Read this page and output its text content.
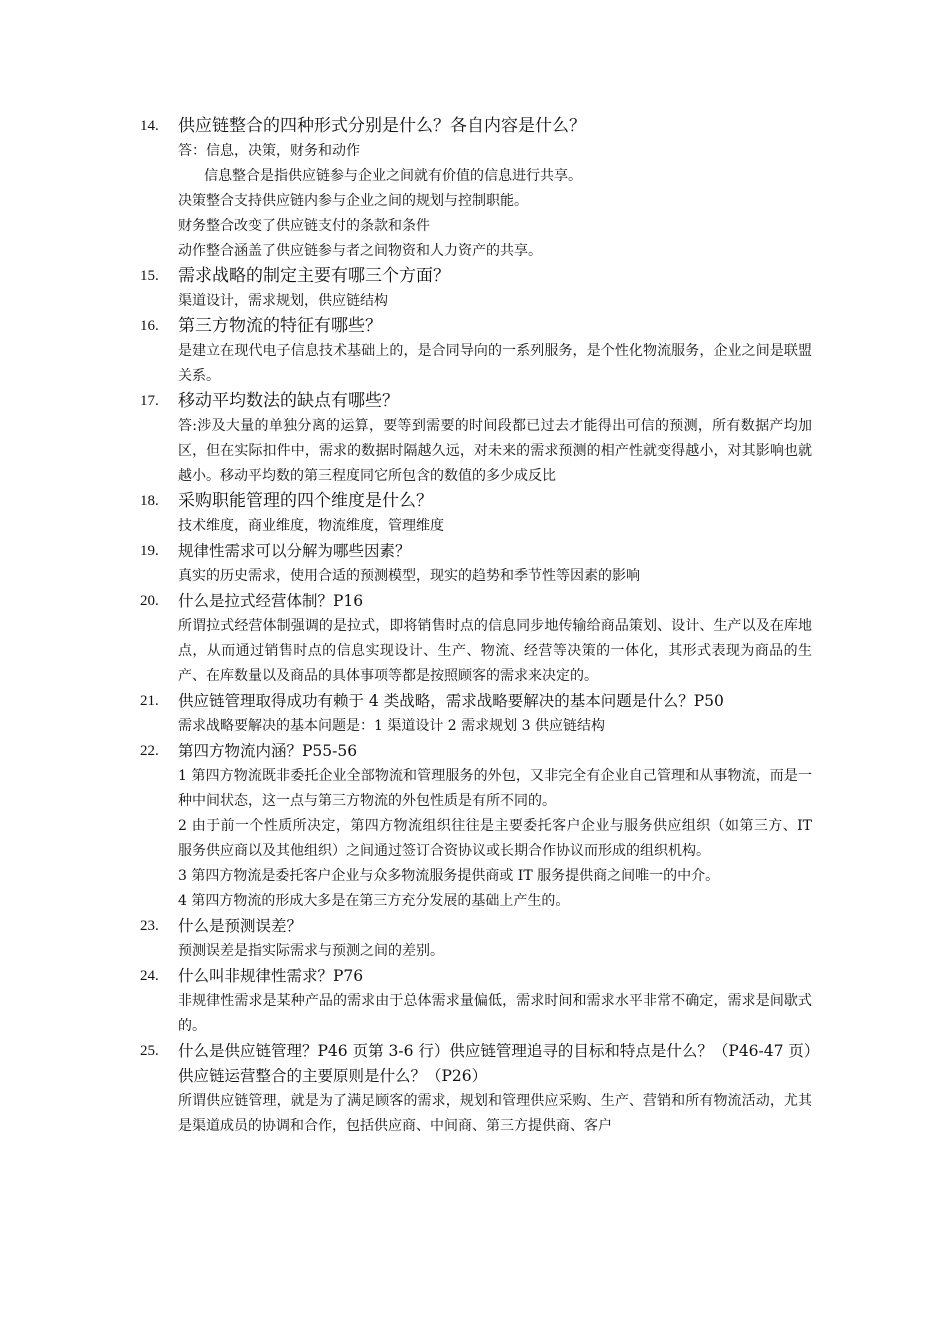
14.	供应链整合的四种形式分别是什么？各自内容是什么？

答：信息，决策，财务和动作

信息整合是指供应链参与企业之间就有价值的信息进行共享。

决策整合支持供应链内参与企业之间的规划与控制职能。

财务整合改变了供应链支付的条款和条件

动作整合涵盖了供应链参与者之间物资和人力资产的共享。

15.	需求战略的制定主要有哪三个方面？

渠道设计，需求规划，供应链结构

16.	第三方物流的特征有哪些？

是建立在现代电子信息技术基础上的，是合同导向的一系列服务，是个性化物流服务，企业之间是联盟关系。

17.	移动平均数法的缺点有哪些？

答:涉及大量的单独分离的运算，要等到需要的时间段都已过去才能得出可信的预测，所有数据产均加区，但在实际扣件中，需求的数据时隔越久远，对未来的需求预测的相产性就变得越小，对其影响也就越小。移动平均数的第三程度同它所包含的数值的多少成反比

18.	采购职能管理的四个维度是什么？

技术维度，商业维度，物流维度，管理维度

19.	规律性需求可以分解为哪些因素？

真实的历史需求，使用合适的预测模型，现实的趋势和季节性等因素的影响

20.	什么是拉式经营体制？P16

所谓拉式经营体制强调的是拉式，即将销售时点的信息同步地传输给商品策划、设计、生产以及在库地点，从而通过销售时点的信息实现设计、生产、物流、经营等决策的一体化，其形式表现为商品的生产、在库数量以及商品的具体事项等都是按照顾客的需求来决定的。

21.	供应链管理取得成功有赖于 4 类战略，需求战略要解决的基本问题是什么？P50

需求战略要解决的基本问题是：1 渠道设计 2 需求规划 3 供应链结构

22.	第四方物流内涵？P55-56

1 第四方物流既非委托企业全部物流和管理服务的外包，又非完全有企业自己管理和从事物流，而是一种中间状态，这一点与第三方物流的外包性质是有所不同的。

2 由于前一个性质所决定，第四方物流组织往往是主要委托客户企业与服务供应组织（如第三方、IT 服务供应商以及其他组织）之间通过签订合资协议或长期合作协议而形成的组织机构。

3 第四方物流是委托客户企业与众多物流服务提供商或 IT 服务提供商之间唯一的中介。

4 第四方物流的形成大多是在第三方充分发展的基础上产生的。

23.	什么是预测误差？

预测误差是指实际需求与预测之间的差别。

24.	什么叫非规律性需求？P76

非规律性需求是某种产品的需求由于总体需求量偏低，需求时间和需求水平非常不确定，需求是间歇式的。

25.	什么是供应链管理？P46 页第 3-6 行）供应链管理追寻的目标和特点是什么？（P46-47 页）供应链运营整合的主要原则是什么？（P26）

所谓供应链管理，就是为了满足顾客的需求，规划和管理供应采购、生产、营销和所有物流活动，尤其是渠道成员的协调和合作，包括供应商、中间商、第三方提供商、客户
